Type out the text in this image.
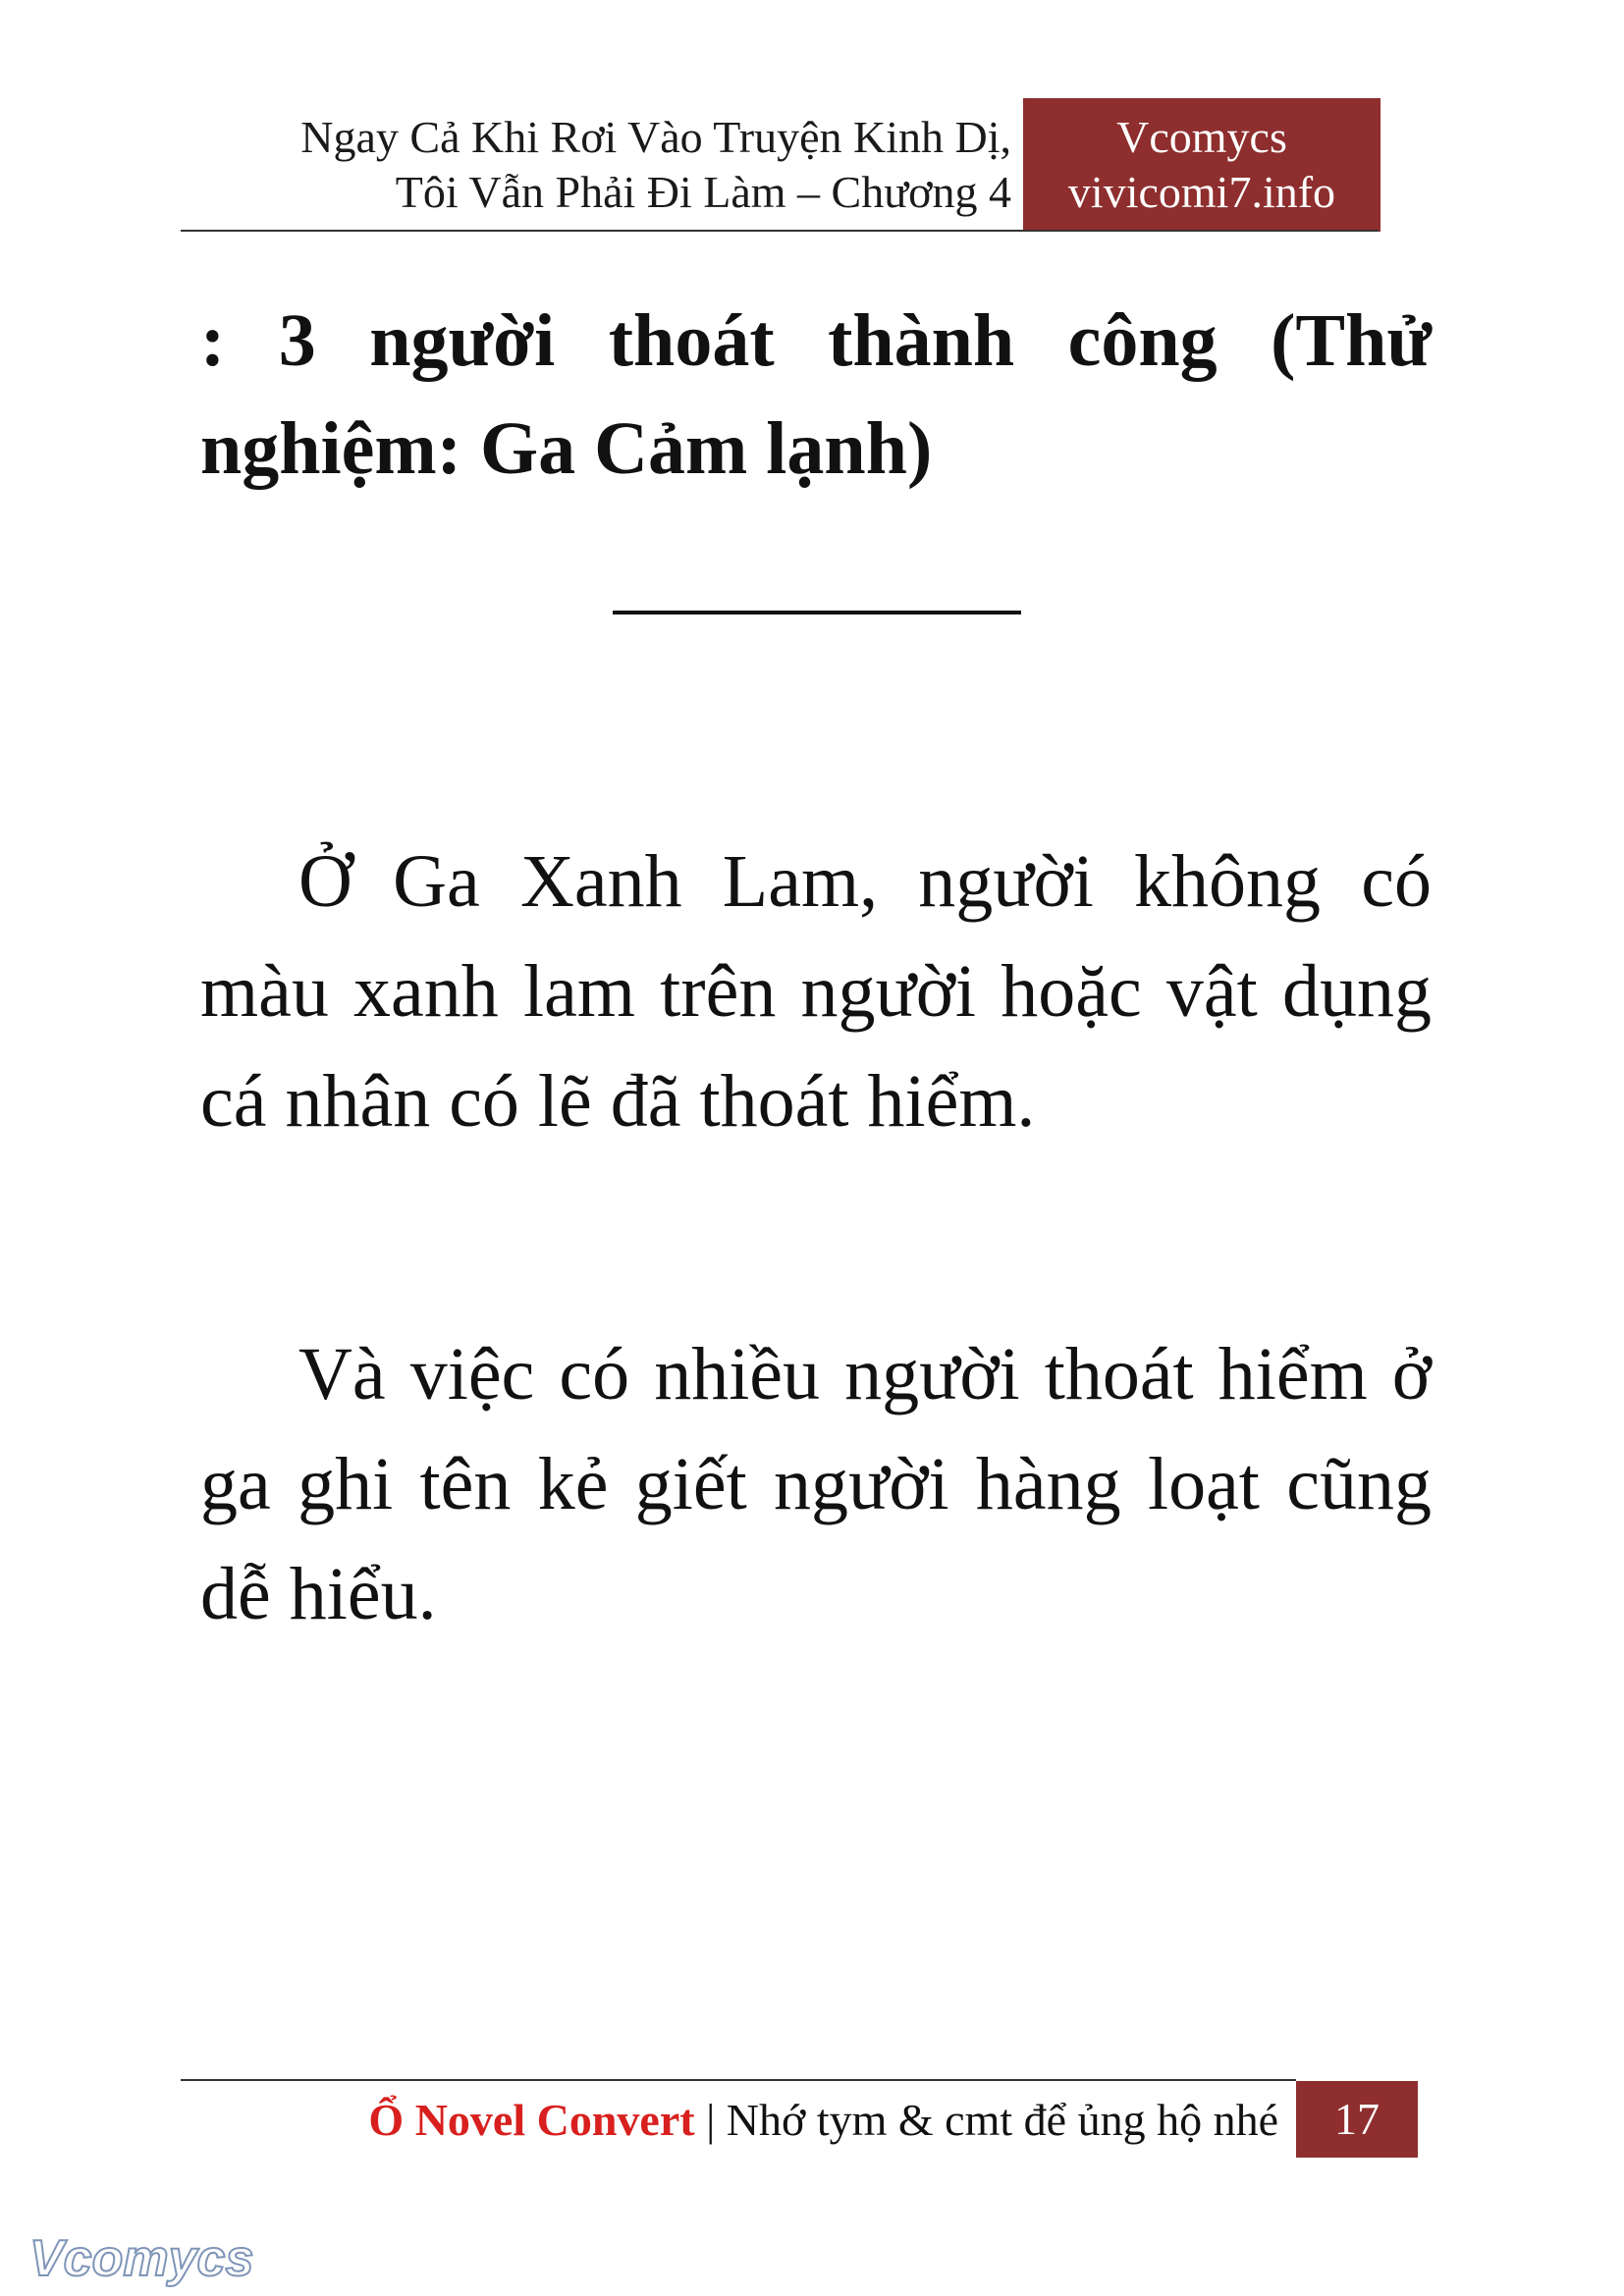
Ngay Cả Khi Rơi Vào Truyện Kinh Dị,
Tôi Vẫn Phải Đi Làm – Chương 4
Vcomycs
vivicomi7.info
: 3 người thoát thành công (Thử nghiệm: Ga Cảm lạnh)
Ở Ga Xanh Lam, người không có màu xanh lam trên người hoặc vật dụng cá nhân có lẽ đã thoát hiểm.
Và việc có nhiều người thoát hiểm ở ga ghi tên kẻ giết người hàng loạt cũng dễ hiểu.
Ổ Novel Convert | Nhớ tym & cmt để ủng hộ nhé	17
Vcomycs
